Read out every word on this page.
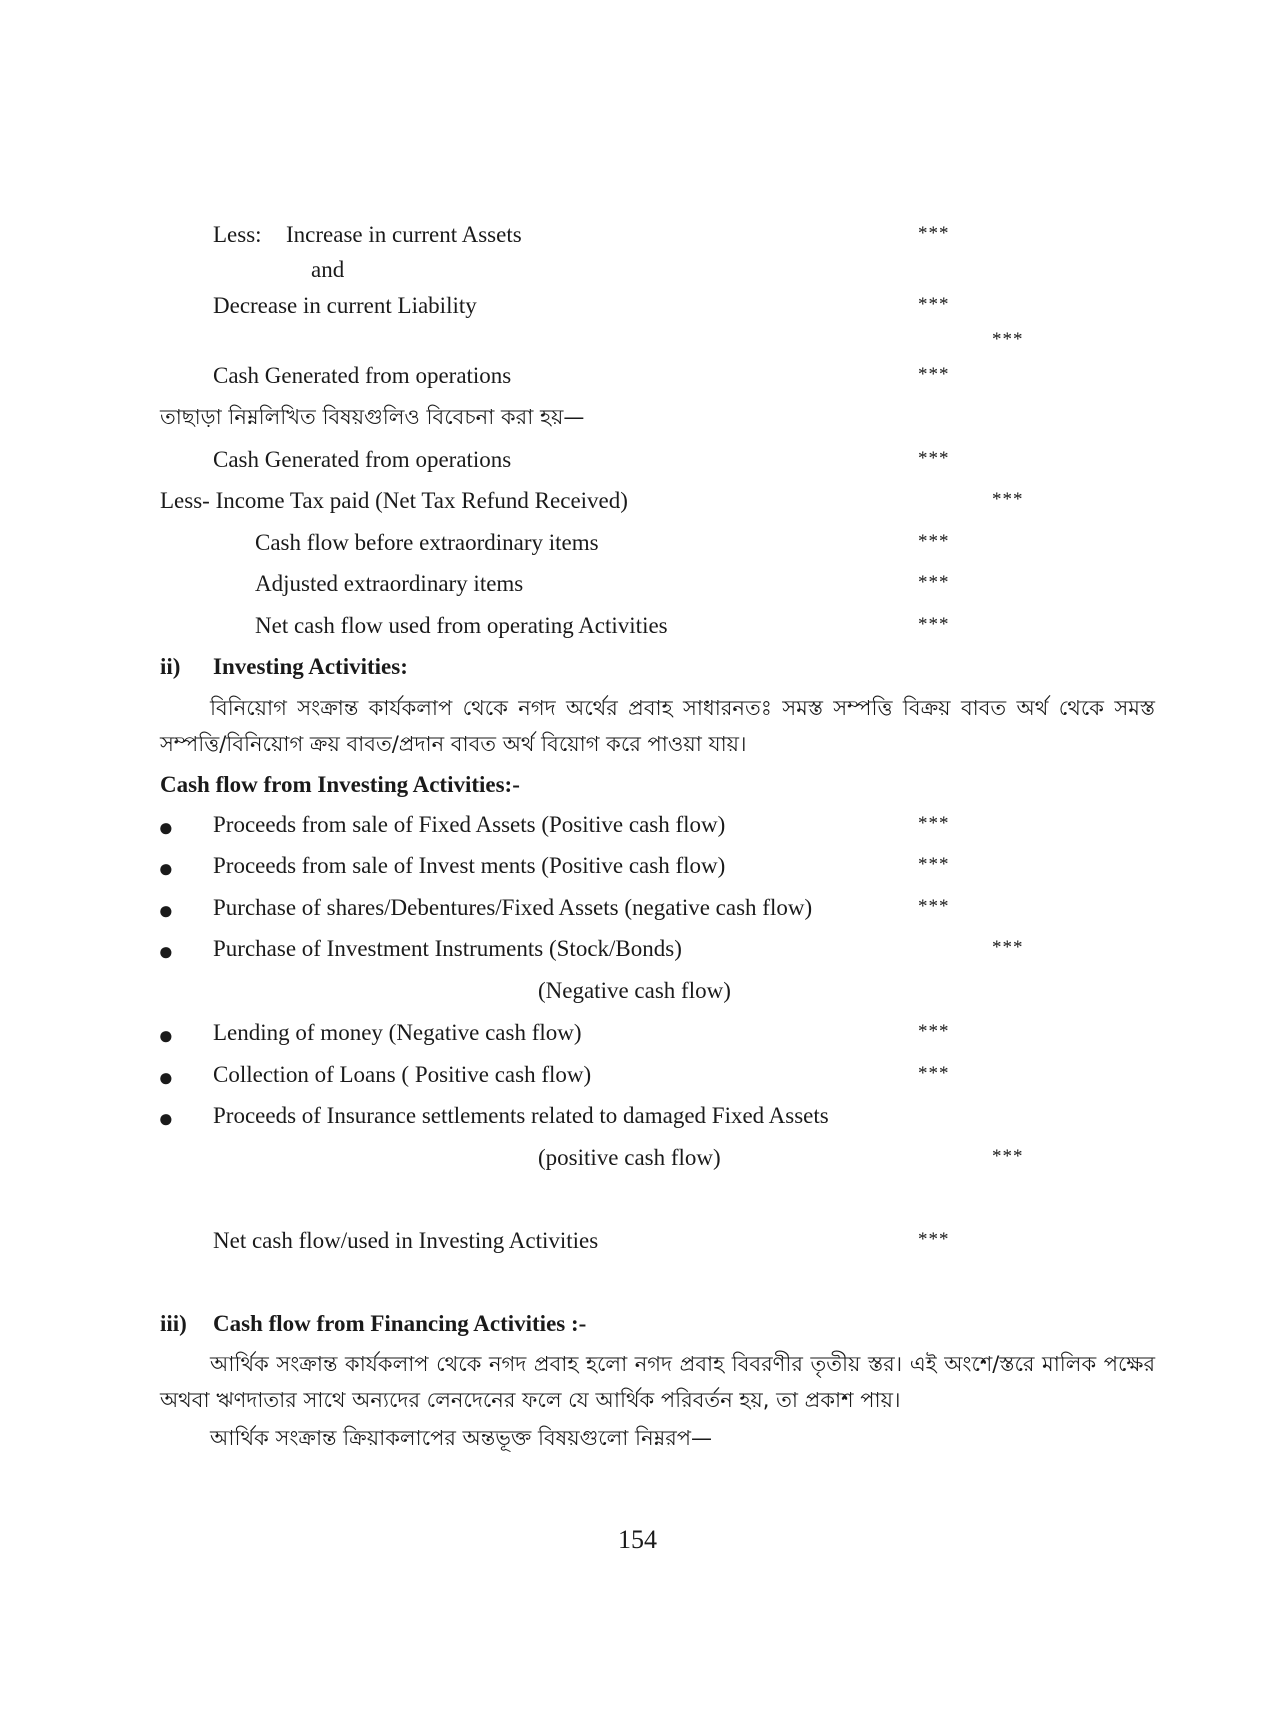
Less: Increase in current Assets	***
and
Decrease in current Liability	***
***
Cash Generated from operations	***
তাছাড়া নিম্নলিখিত বিষয়গুলিও বিবেচনা করা হয়—
Cash Generated from operations	***
Less- Income Tax paid (Net Tax Refund Received)	***
Cash flow before extraordinary items	***
Adjusted extraordinary items	***
Net cash flow used from operating Activities	***
ii) Investing Activities:
বিনিয়োগ সংক্রান্ত কার্যকলাপ থেকে নগদ অর্থের প্রবাহ সাধারনতঃ সমস্ত সম্পত্তি বিক্রয় বাবত অর্থ থেকে সমস্ত সম্পত্তি/বিনিয়োগ ক্রয় বাবত/প্রদান বাবত অর্থ বিয়োগ করে পাওয়া যায়।
Cash flow from Investing Activities:-
● Proceeds from sale of Fixed Assets (Positive cash flow)	***
● Proceeds from sale of Invest ments (Positive cash flow)	***
● Purchase of shares/Debentures/Fixed Assets (negative cash flow)	***
● Purchase of Investment Instruments (Stock/Bonds)	***
(Negative cash flow)
● Lending of money (Negative cash flow)	***
● Collection of Loans ( Positive cash flow)	***
● Proceeds of Insurance settlements related to damaged Fixed Assets
(positive cash flow)	***
Net cash flow/used in Investing Activities	***
iii) Cash flow from Financing Activities :-
আর্থিক সংক্রান্ত কার্যকলাপ থেকে নগদ প্রবাহ হলো নগদ প্রবাহ বিবরণীর তৃতীয় স্তর। এই অংশে/স্তরে মালিক পক্ষের অথবা ঋণদাতার সাথে অন্যদের লেনদেনের ফলে যে আর্থিক পরিবর্তন হয়, তা প্রকাশ পায়।
আর্থিক সংক্রান্ত ক্রিয়াকলাপের অন্তভূক্ত বিষয়গুলো নিম্নরপ—
154
